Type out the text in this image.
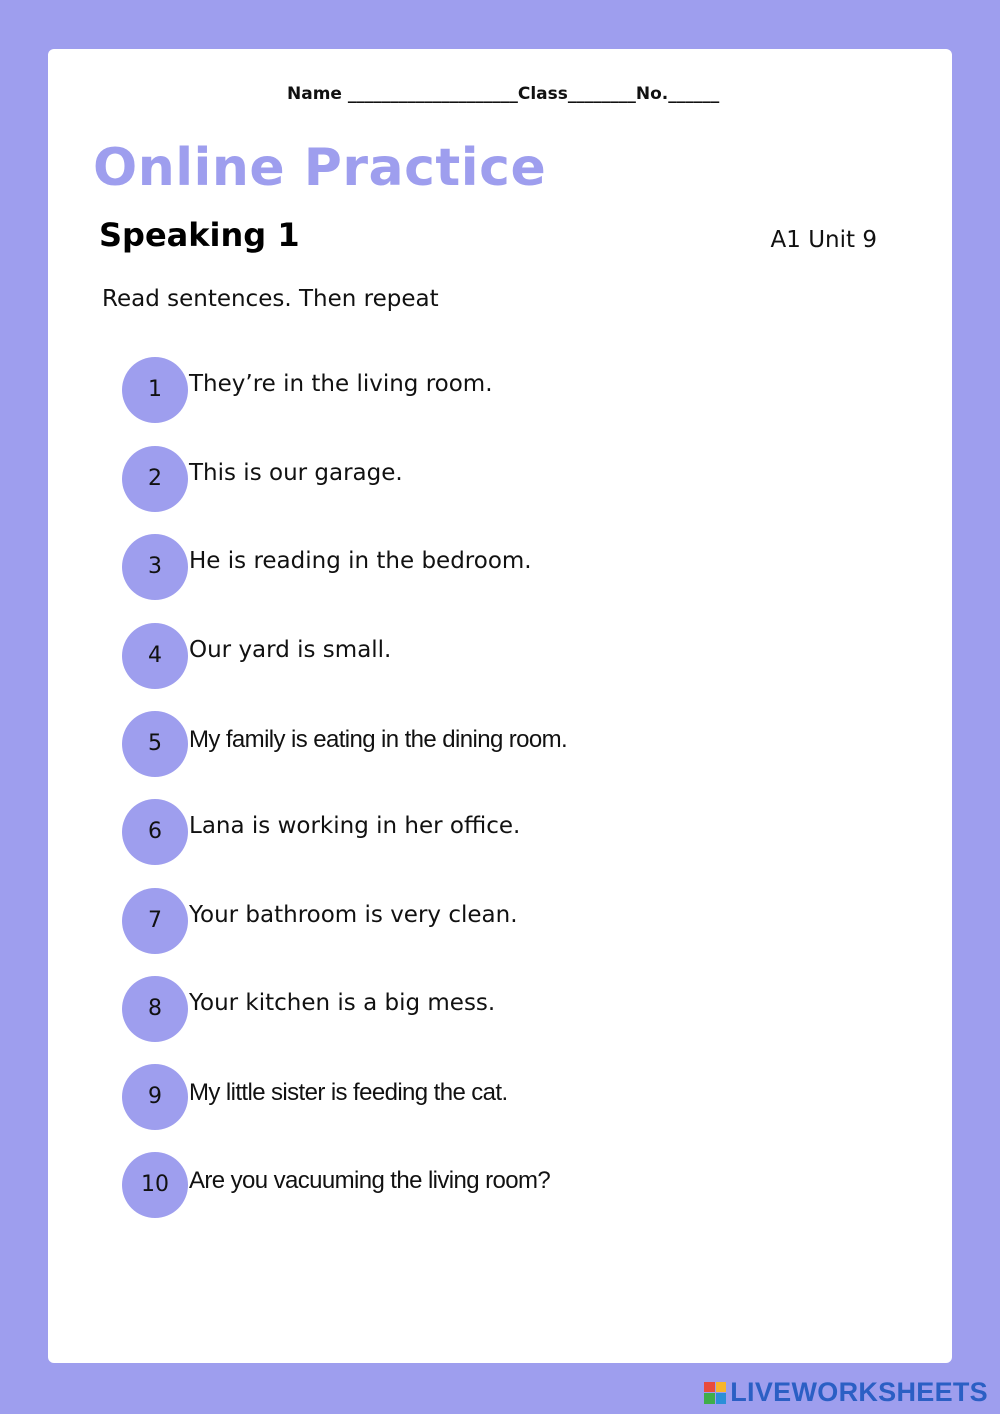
Name ____________________Class________No.______
Online Practice
Speaking 1	A1 Unit 9
Read sentences. Then repeat
1	They’re in the living room.
2	This is our garage.
3	He is reading in the bedroom.
4	Our yard is small.
5	My family is eating in the dining room.
6	Lana is working in her office.
7	Your bathroom is very clean.
8	Your kitchen is a big mess.
9	My little sister is feeding the cat.
10 Are you vacuuming the living room?
LIVEWORKSHEETS
